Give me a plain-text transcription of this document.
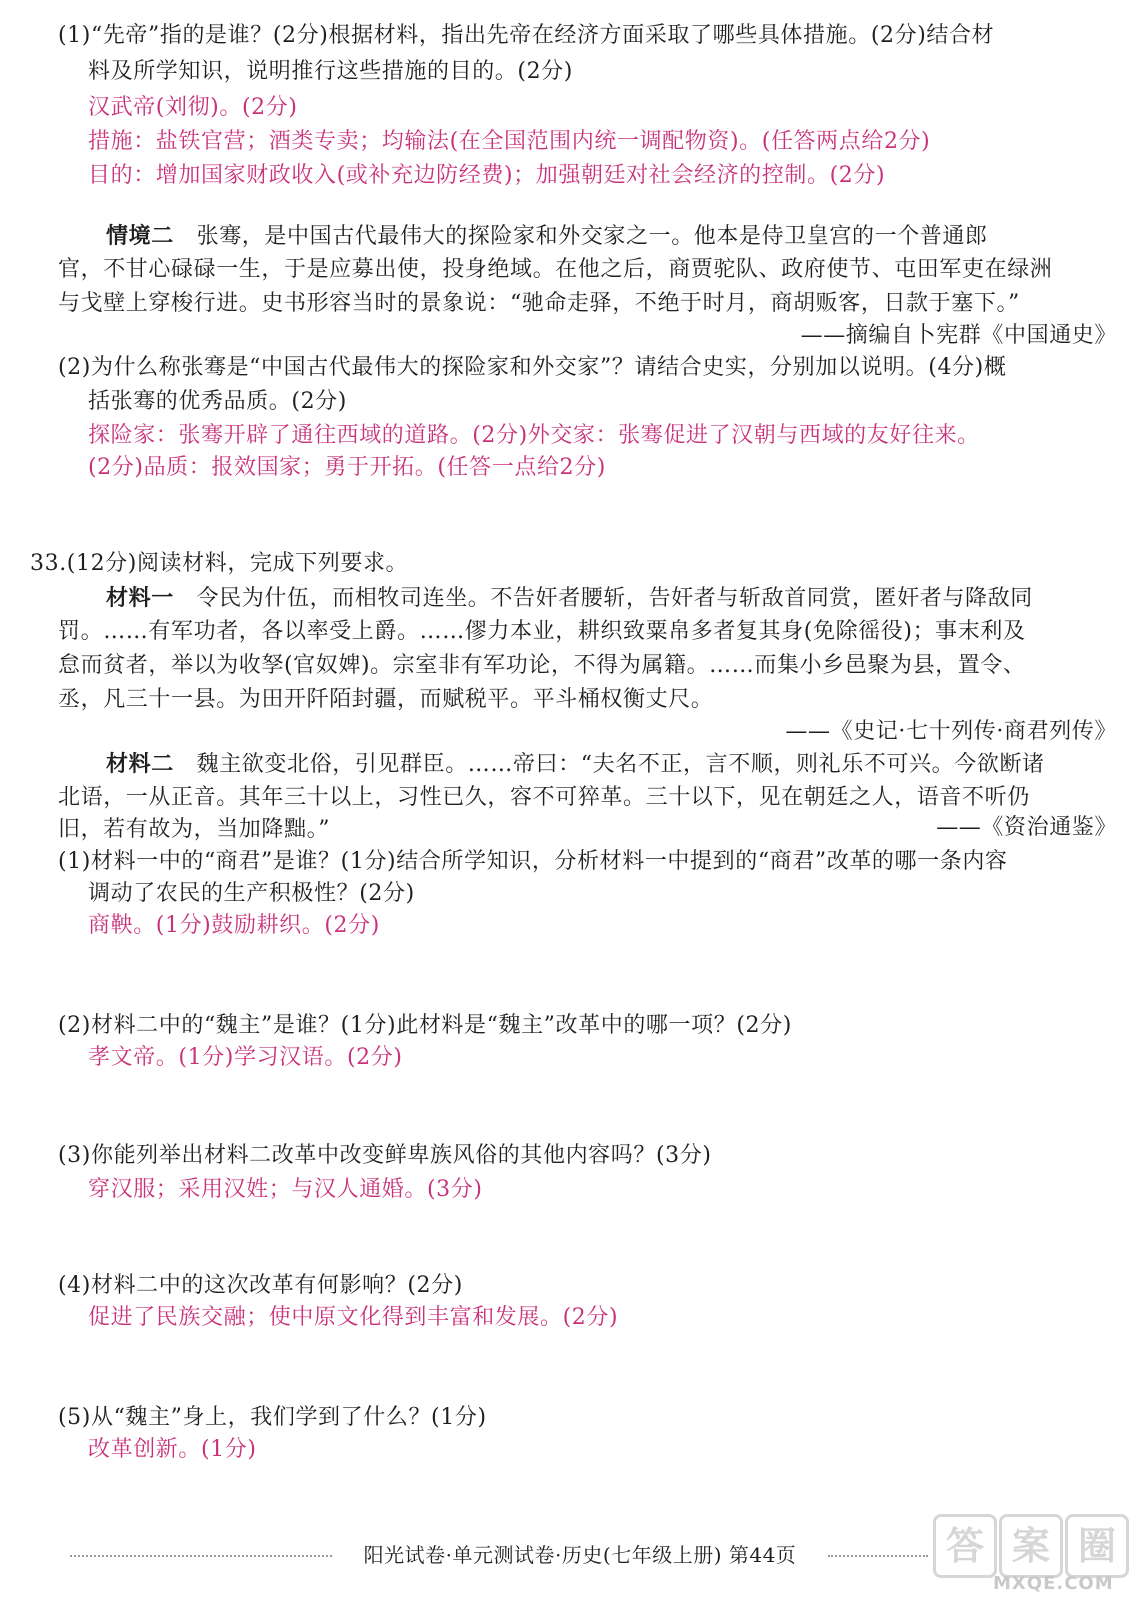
(1)“先帝”指的是谁？(2分)根据材料，指出先帝在经济方面采取了哪些具体措施。(2分)结合材
料及所学知识，说明推行这些措施的目的。(2分)
汉武帝(刘彻)。(2分)
措施：盐铁官营；酒类专卖；均输法(在全国范围内统一调配物资)。(任答两点给2分)
目的：增加国家财政收入(或补充边防经费)；加强朝廷对社会经济的控制。(2分)
情境二 张骞，是中国古代最伟大的探险家和外交家之一。他本是侍卫皇宫的一个普通郎
官，不甘心碌碌一生，于是应募出使，投身绝域。在他之后，商贾驼队、政府使节、屯田军吏在绿洲
与戈壁上穿梭行进。史书形容当时的景象说：“驰命走驿，不绝于时月，商胡贩客，日款于塞下。”
——摘编自卜宪群《中国通史》
(2)为什么称张骞是“中国古代最伟大的探险家和外交家”？请结合史实，分别加以说明。(4分)概
括张骞的优秀品质。(2分)
探险家：张骞开辟了通往西域的道路。(2分)外交家：张骞促进了汉朝与西域的友好往来。
(2分)品质：报效国家；勇于开拓。(任答一点给2分)
33.(12分)阅读材料，完成下列要求。
材料一 令民为什伍，而相牧司连坐。不告奸者腰斩，告奸者与斩敌首同赏，匿奸者与降敌同
罚。……有军功者，各以率受上爵。……僇力本业，耕织致粟帛多者复其身(免除徭役)；事末利及
怠而贫者，举以为收孥(官奴婢)。宗室非有军功论，不得为属籍。……而集小乡邑聚为县，置令、
丞，凡三十一县。为田开阡陌封疆，而赋税平。平斗桶权衡丈尺。
——《史记·七十列传·商君列传》
材料二 魏主欲变北俗，引见群臣。……帝曰：“夫名不正，言不顺，则礼乐不可兴。今欲断诸
北语，一从正音。其年三十以上，习性已久，容不可猝革。三十以下，见在朝廷之人，语音不听仍
旧，若有故为，当加降黜。”	——《资治通鉴》
(1)材料一中的“商君”是谁？(1分)结合所学知识，分析材料一中提到的“商君”改革的哪一条内容
调动了农民的生产积极性？(2分)
商鞅。(1分)鼓励耕织。(2分)
(2)材料二中的“魏主”是谁？(1分)此材料是“魏主”改革中的哪一项？(2分)
孝文帝。(1分)学习汉语。(2分)
(3)你能列举出材料二改革中改变鲜卑族风俗的其他内容吗？(3分)
穿汉服；采用汉姓；与汉人通婚。(3分)
(4)材料二中的这次改革有何影响？(2分)
促进了民族交融；使中原文化得到丰富和发展。(2分)
(5)从“魏主”身上，我们学到了什么？(1分)
改革创新。(1分)
阳光试卷·单元测试卷·历史(七年级上册) 第44页	答 案 圈
MXQE.COM
